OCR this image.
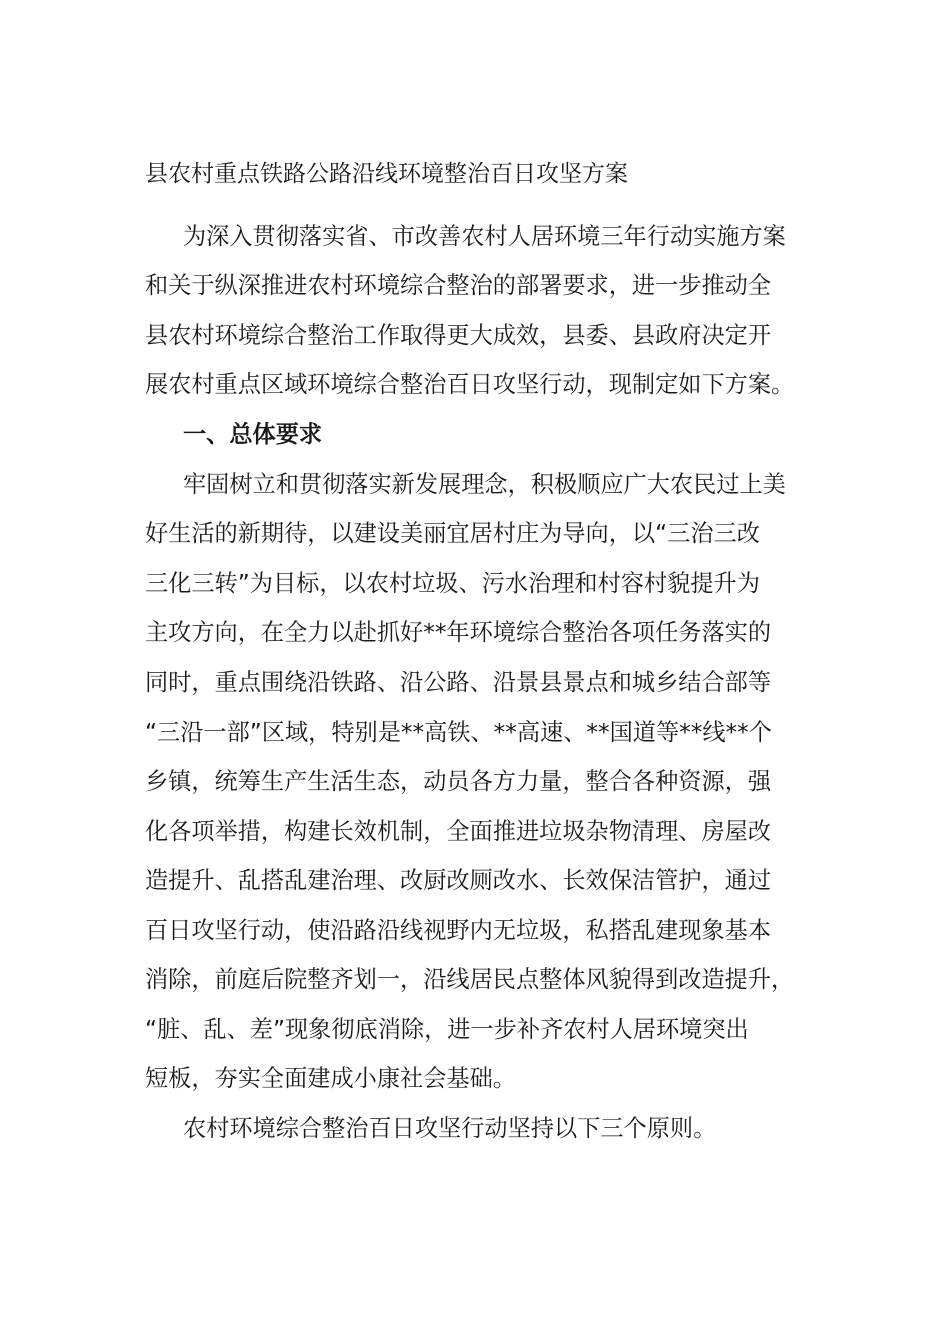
县农村重点铁路公路沿线环境整治百日攻坚方案
为深入贯彻落实省、市改善农村人居环境三年行动实施方案
和关于纵深推进农村环境综合整治的部署要求，进一步推动全
县农村环境综合整治工作取得更大成效，县委、县政府决定开
展农村重点区域环境综合整治百日攻坚行动，现制定如下方案。
一、总体要求
牢固树立和贯彻落实新发展理念，积极顺应广大农民过上美
好生活的新期待，以建设美丽宜居村庄为导向，以“三治三改
三化三转”为目标，以农村垃圾、污水治理和村容村貌提升为
主攻方向，在全力以赴抓好**年环境综合整治各项任务落实的
同时，重点围绕沿铁路、沿公路、沿景县景点和城乡结合部等
“三沿一部”区域，特别是**高铁、**高速、**国道等**线**个
乡镇，统筹生产生活生态，动员各方力量，整合各种资源，强
化各项举措，构建长效机制，全面推进垃圾杂物清理、房屋改
造提升、乱搭乱建治理、改厨改厕改水、长效保洁管护，通过
百日攻坚行动，使沿路沿线视野内无垃圾，私搭乱建现象基本
消除，前庭后院整齐划一，沿线居民点整体风貌得到改造提升，
“脏、乱、差”现象彻底消除，进一步补齐农村人居环境突出
短板，夯实全面建成小康社会基础。
农村环境综合整治百日攻坚行动坚持以下三个原则。
